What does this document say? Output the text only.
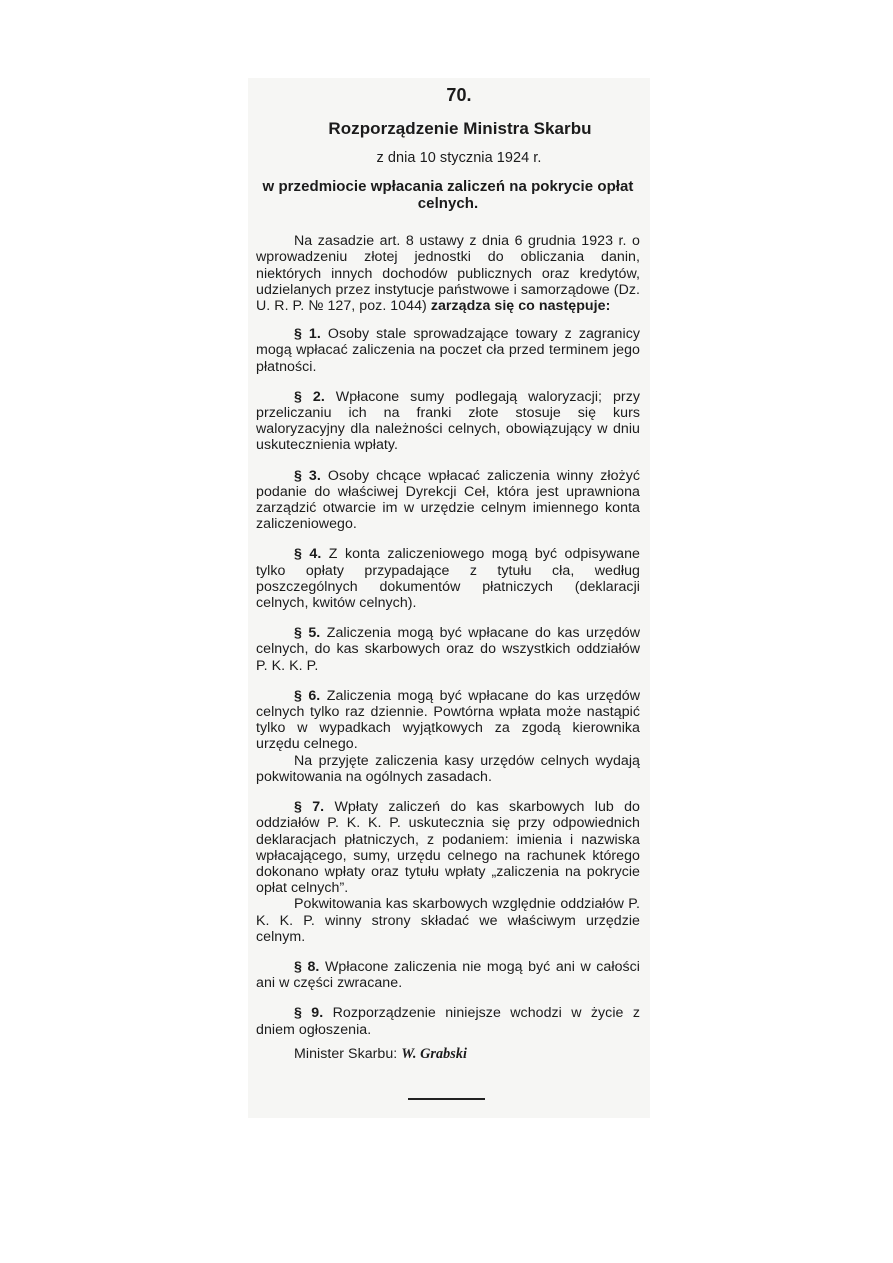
70.
Rozporządzenie Ministra Skarbu
z dnia 10 stycznia 1924 r.
w przedmiocie wpłacania zaliczeń na pokrycie opłat celnych.

Na zasadzie art. 8 ustawy z dnia 6 grudnia 1923 r. o wprowadzeniu złotej jednostki do obliczania danin, niektórych innych dochodów publicznych oraz kredytów, udzielanych przez instytucje państwowe i samorządowe (Dz. U. R. P. № 127, poz. 1044) zarządza się co następuje:

§ 1. Osoby stale sprowadzające towary z zagranicy mogą wpłacać zaliczenia na poczet cła przed terminem jego płatności.

§ 2. Wpłacone sumy podlegają waloryzacji; przy przeliczaniu ich na franki złote stosuje się kurs waloryzacyjny dla należności celnych, obowiązujący w dniu uskutecznienia wpłaty.

§ 3. Osoby chcące wpłacać zaliczenia winny złożyć podanie do właściwej Dyrekcji Ceł, która jest uprawniona zarządzić otwarcie im w urzędzie celnym imiennego konta zaliczeniowego.

§ 4. Z konta zaliczeniowego mogą być odpisywane tylko opłaty przypadające z tytułu cła, według poszczególnych dokumentów płatniczych (deklaracji celnych, kwitów celnych).

§ 5. Zaliczenia mogą być wpłacane do kas urzędów celnych, do kas skarbowych oraz do wszystkich oddziałów P. K. K. P.

§ 6. Zaliczenia mogą być wpłacane do kas urzędów celnych tylko raz dziennie. Powtórna wpłata może nastąpić tylko w wypadkach wyjątkowych za zgodą kierownika urzędu celnego.

Na przyjęte zaliczenia kasy urzędów celnych wydają pokwitowania na ogólnych zasadach.

§ 7. Wpłaty zaliczeń do kas skarbowych lub do oddziałów P. K. K. P. uskutecznia się przy odpowiednich deklaracjach płatniczych, z podaniem: imienia i nazwiska wpłacającego, sumy, urzędu celnego na rachunek którego dokonano wpłaty oraz tytułu wpłaty „zaliczenia na pokrycie opłat celnych”.

Pokwitowania kas skarbowych względnie oddziałów P. K. K. P. winny strony składać we właściwym urzędzie celnym.

§ 8. Wpłacone zaliczenia nie mogą być ani w całości ani w części zwracane.

§ 9. Rozporządzenie niniejsze wchodzi w życie z dniem ogłoszenia.

Minister Skarbu: W. Grabski
